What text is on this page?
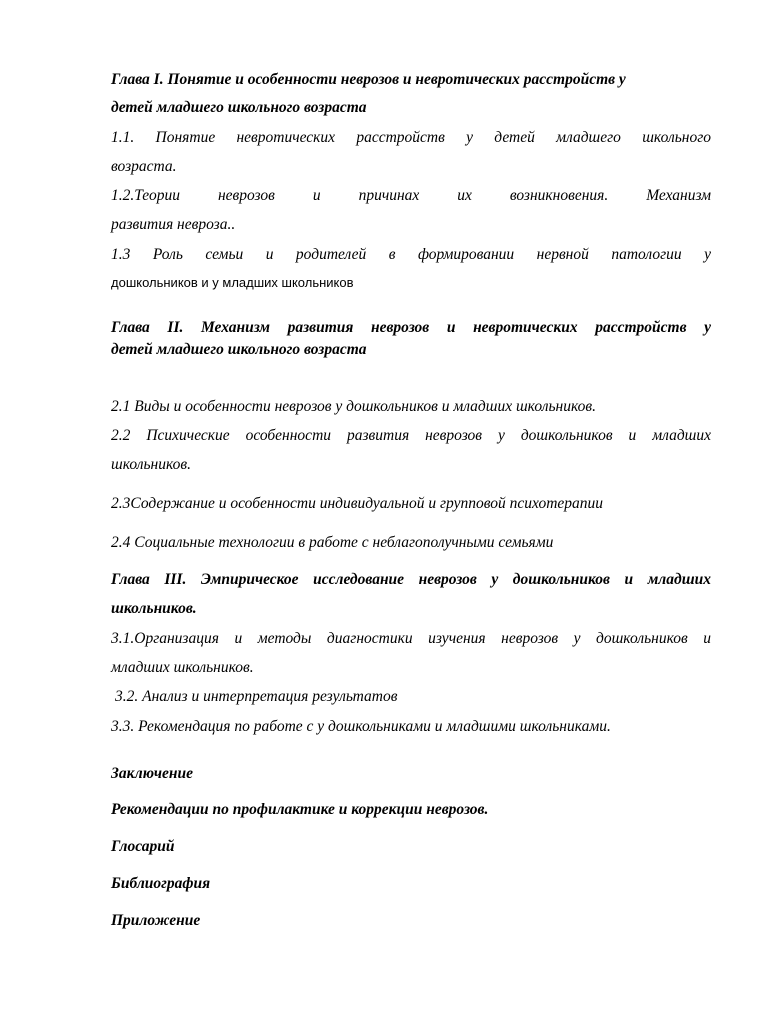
Глава I. Понятие и особенности неврозов и невротических расстройств у

детей младшего школьного возраста

1.1. Понятие невротических расстройств у детей младшего школьного

возраста.

1.2.Теории неврозов и причинах их возникновения. Механизм

развития невроза..

1.3 Роль семьи и родителей в формировании нервной патологии у

дошкольников и у младших школьников

Глава II. Механизм развития неврозов и невротических расстройств у

детей младшего школьного возраста

2.1 Виды и особенности неврозов у дошкольников и младших школьников.

2.2 Психические особенности развития неврозов у дошкольников и младших

школьников.

2.3Содержание и особенности индивидуальной и групповой психотерапии

2.4 Социальные технологии в работе с неблагополучными семьями

Глава III. Эмпирическое исследование неврозов у дошкольников и младших

школьников.

3.1.Организация и методы диагностики изучения неврозов у дошкольников и

младших школьников.

3.2. Анализ и интерпретация результатов

3.3. Рекомендация по работе с у дошкольниками и младшими школьниками.

Заключение

Рекомендации по профилактике и коррекции неврозов.

Глосарий

Библиография

Приложение
